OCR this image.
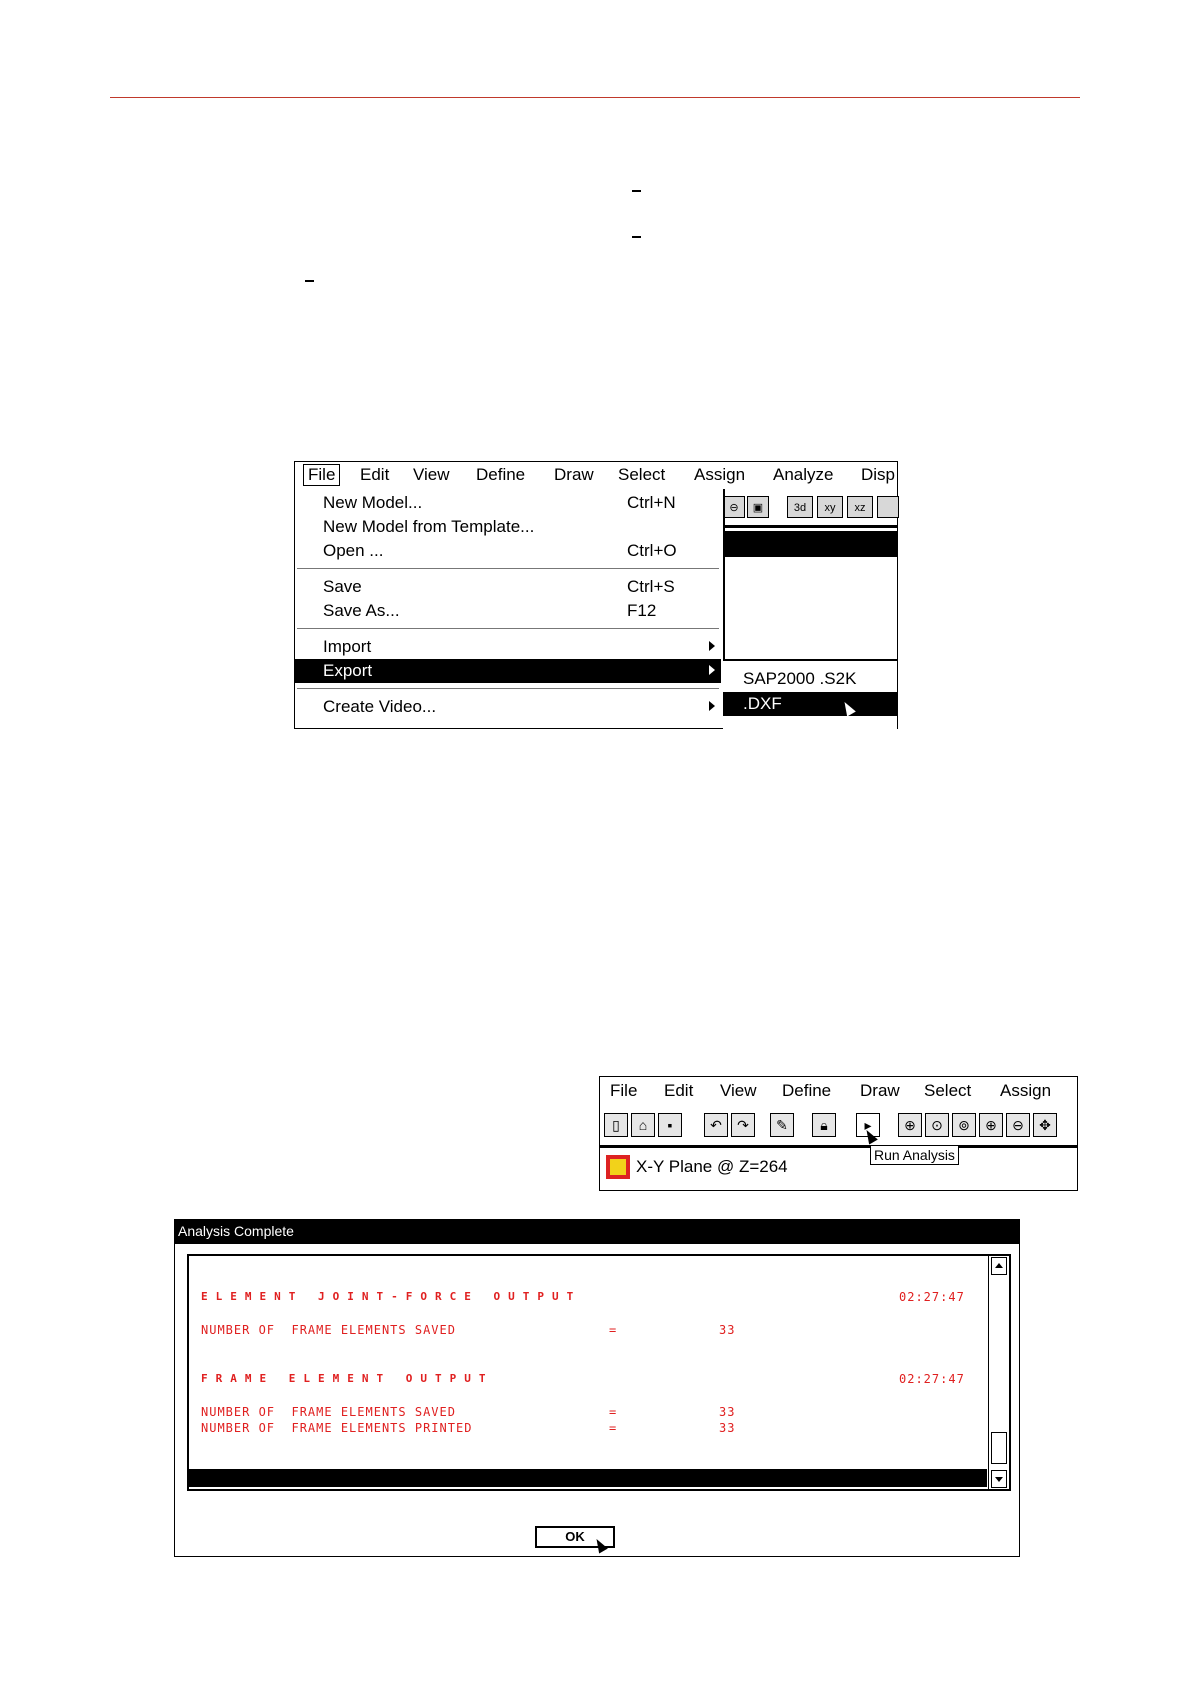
File Edit View Define Draw Select Assign Analyze Disp
⊖	▣	3d	xy	xz
New Model...	Ctrl+N
New Model from Template...
Open ...	Ctrl+O
Save	Ctrl+S
Save As...	F12
Import
Export
Create Video...
SAP2000 .S2K
.DXF
File Edit View Define Draw Select Assign
▯	⌂	▪	↶	↷	✎	🔒︎	▸	⊕	⊙	⊚	⊕	⊖	✥
Run Analysis
X-Y Plane @ Z=264
Analysis Complete
ELEMENT JOINT-FORCE OUTPUT	02:27:47
NUMBER OF  FRAME ELEMENTS SAVED	=	33
FRAME ELEMENT OUTPUT	02:27:47
NUMBER OF  FRAME ELEMENTS SAVED	=	33
NUMBER OF  FRAME ELEMENTS PRINTED	=	33

ANALYSIS COMPLETE

2001/10/30  02:27:48

OK
